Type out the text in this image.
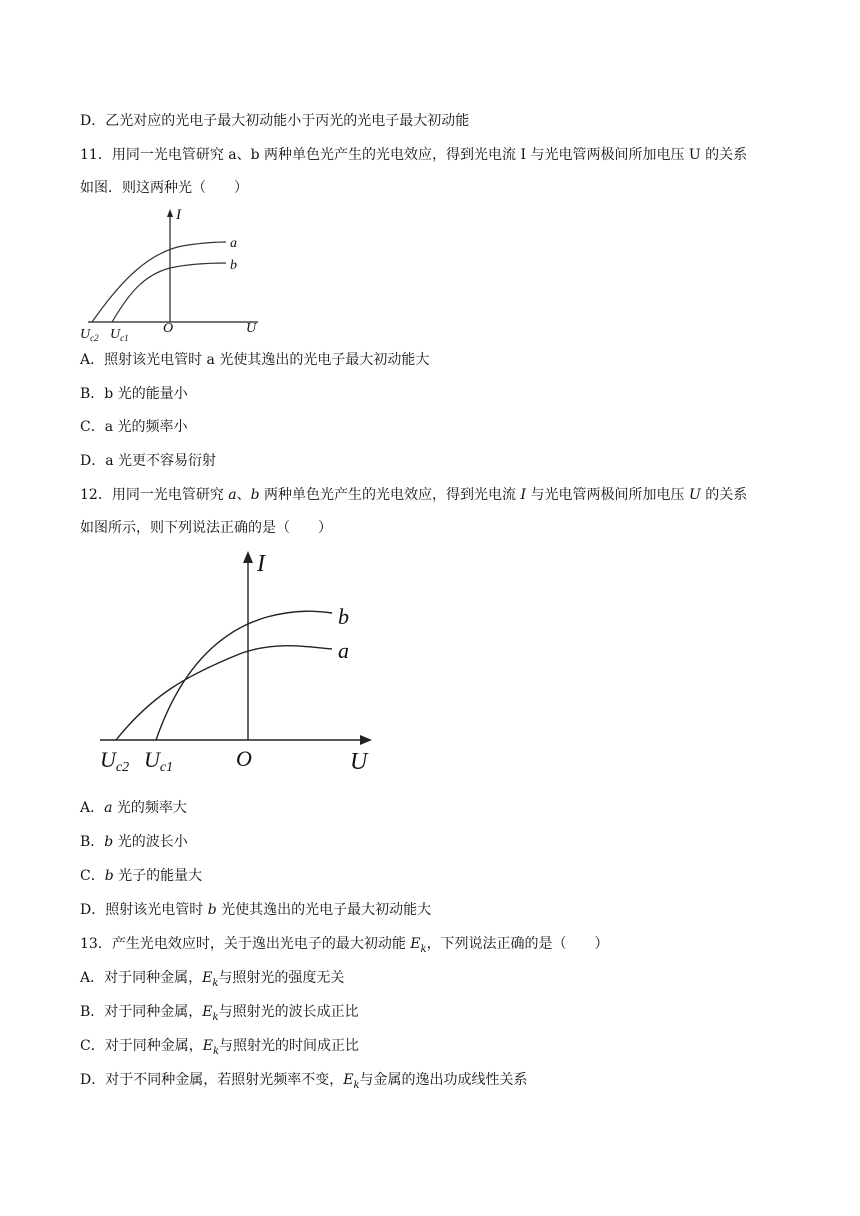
D．乙光对应的光电子最大初动能小于丙光的光电子最大初动能
11．用同一光电管研究 a、b 两种单色光产生的光电效应，得到光电流 I 与光电管两极间所加电压 U 的关系
如图．则这两种光（　　）
I
a
b
O	U
$U_{c2}$ $U_{c1}$
A．照射该光电管时 a 光使其逸出的光电子最大初动能大
B．b 光的能量小
C．a 光的频率小
D．a 光更不容易衍射
12．用同一光电管研究 a、b 两种单色光产生的光电效应，得到光电流 I 与光电管两极间所加电压 U 的关系
如图所示，则下列说法正确的是（　　）
I
b
a
O	U
Uc2 Uc1
A．a 光的频率大
B．b 光的波长小
C．b 光子的能量大
D．照射该光电管时 b 光使其逸出的光电子最大初动能大
13．产生光电效应时，关于逸出光电子的最大初动能 $E_k$，下列说法正确的是（　　）
A．对于同种金属，$E_k$与照射光的强度无关
B．对于同种金属，$E_k$与照射光的波长成正比
C．对于同种金属，$E_k$与照射光的时间成正比
D．对于不同种金属，若照射光频率不变，$E_k$与金属的逸出功成线性关系
